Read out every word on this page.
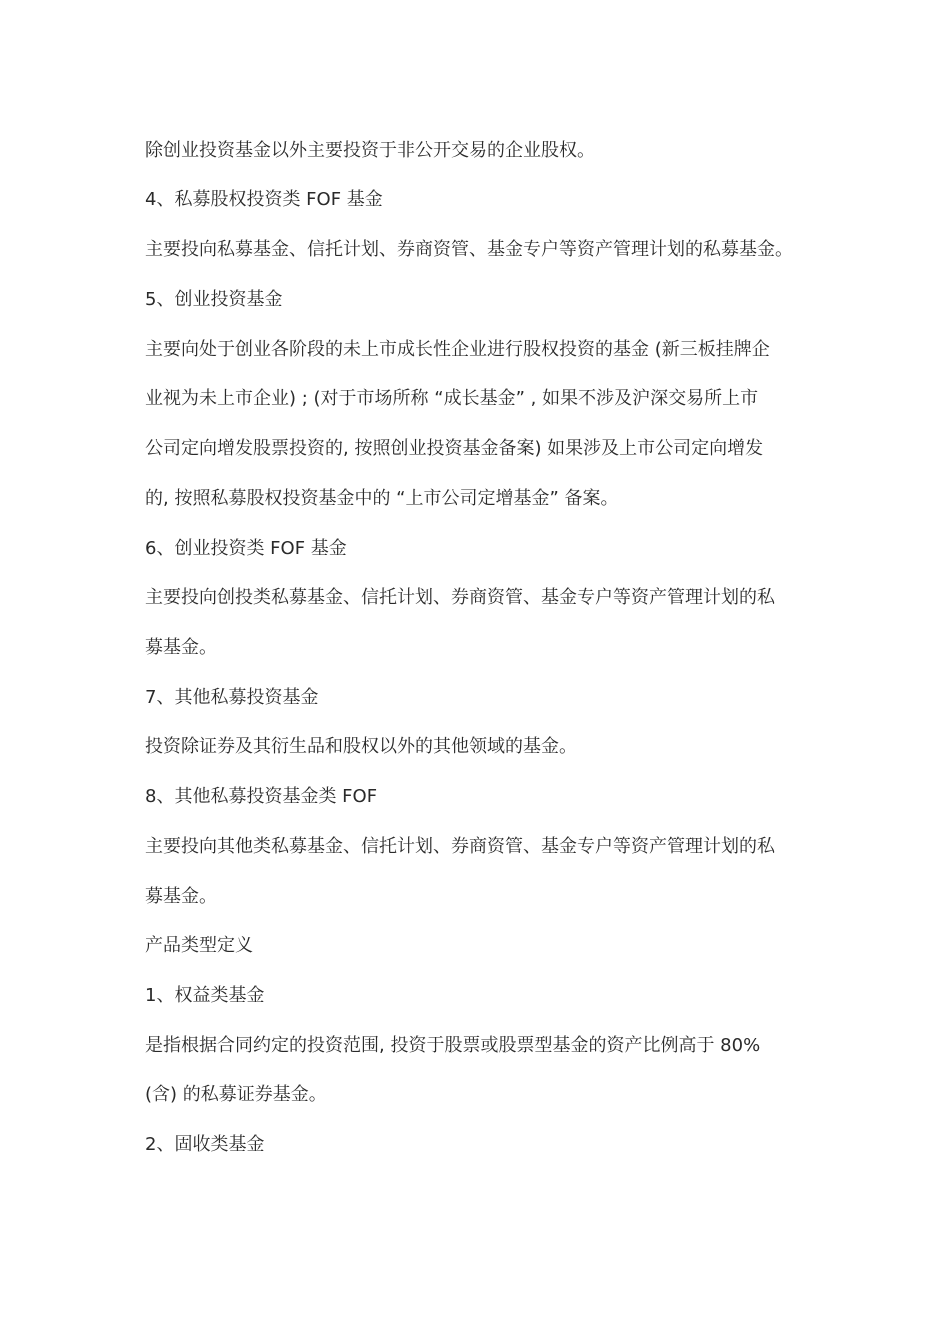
除创业投资基金以外主要投资于非公开交易的企业股权。

4、私募股权投资类 FOF 基金

主要投向私募基金、信托计划、券商资管、基金专户等资产管理计划的私募基金。

5、创业投资基金

主要向处于创业各阶段的未上市成长性企业进行股权投资的基金 (新三板挂牌企

业视为未上市企业) ; (对于市场所称 “成长基金” , 如果不涉及沪深交易所上市

公司定向增发股票投资的, 按照创业投资基金备案) 如果涉及上市公司定向增发

的, 按照私募股权投资基金中的 “上市公司定增基金” 备案。

6、创业投资类 FOF 基金

主要投向创投类私募基金、信托计划、券商资管、基金专户等资产管理计划的私

募基金。

7、其他私募投资基金

投资除证券及其衍生品和股权以外的其他领域的基金。

8、其他私募投资基金类 FOF

主要投向其他类私募基金、信托计划、券商资管、基金专户等资产管理计划的私

募基金。

产品类型定义

1、权益类基金

是指根据合同约定的投资范围, 投资于股票或股票型基金的资产比例高于 80%

(含) 的私募证券基金。

2、固收类基金
